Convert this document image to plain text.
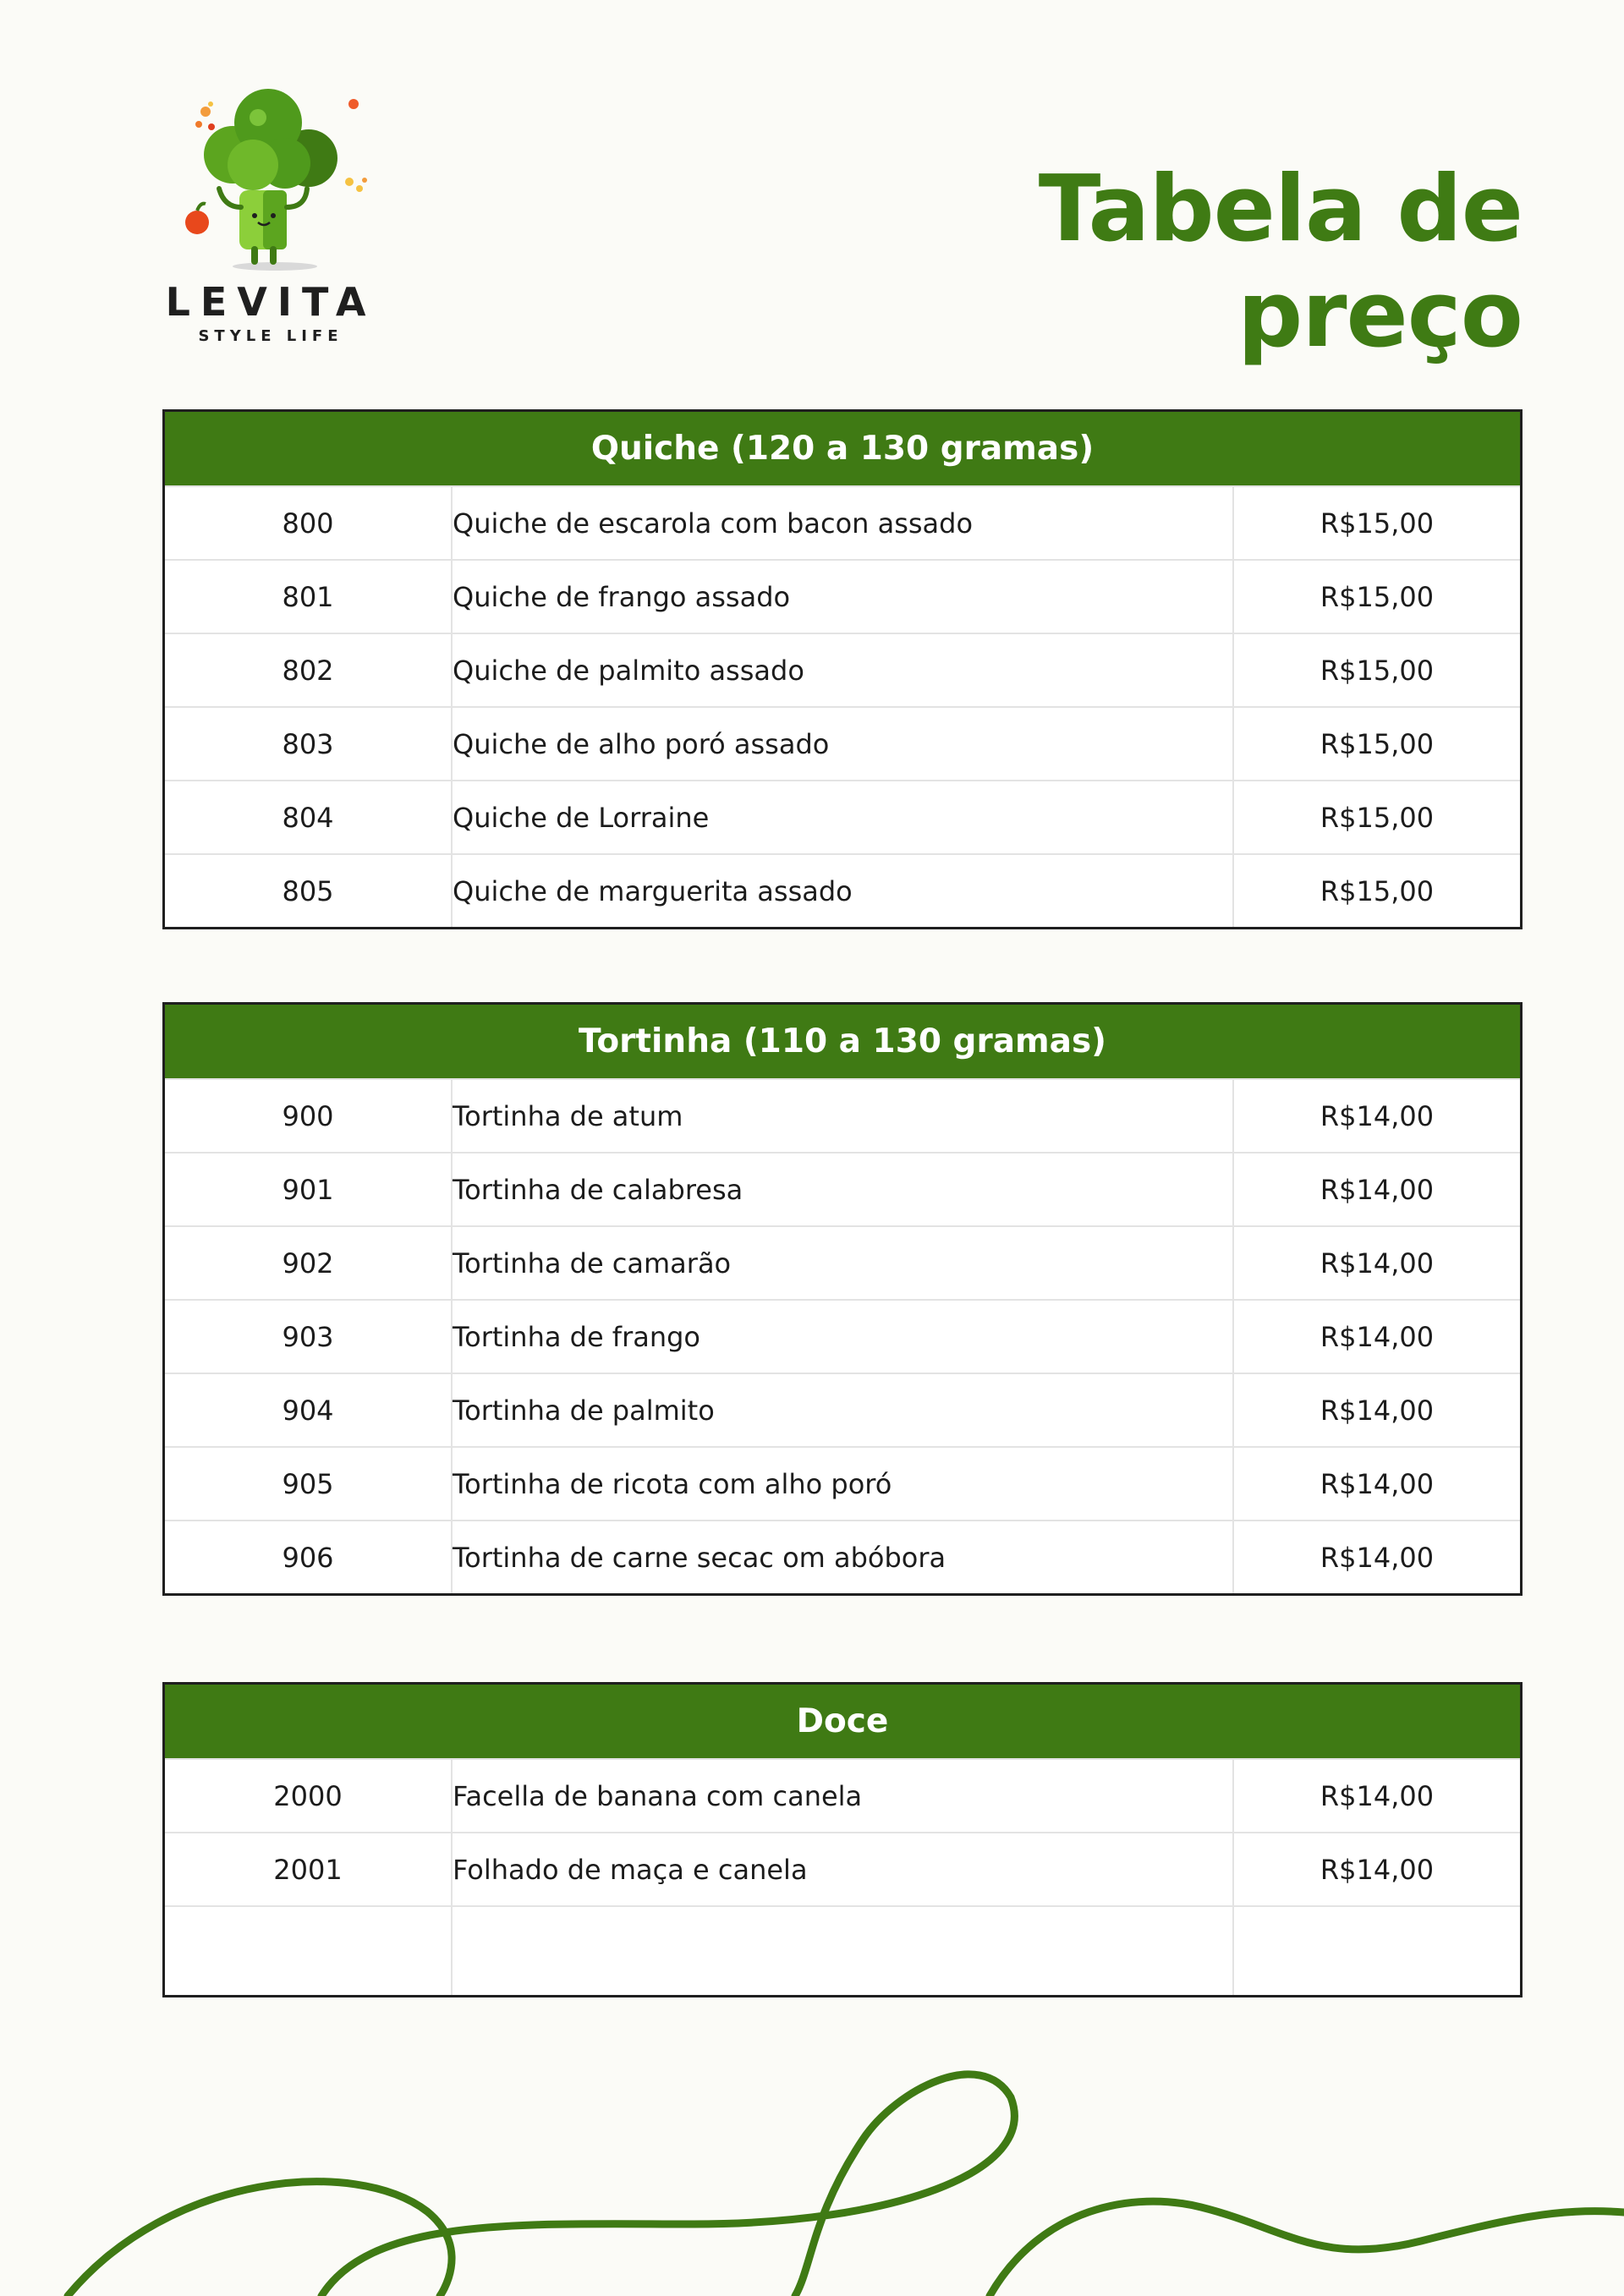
LEVITA
STYLE LIFE
Tabela de preço
Quiche (120 a 130 gramas)		
800	Quiche de escarola com bacon assado	R$15,00
801	Quiche de frango assado	R$15,00
802	Quiche de palmito assado	R$15,00
803	Quiche de alho poró assado	R$15,00
804	Quiche de Lorraine	R$15,00
805	Quiche de marguerita assado	R$15,00
Tortinha (110 a 130 gramas)		
900	Tortinha de atum	R$14,00
901	Tortinha de calabresa	R$14,00
902	Tortinha de camarão	R$14,00
903	Tortinha de frango	R$14,00
904	Tortinha de palmito	R$14,00
905	Tortinha de ricota com alho poró	R$14,00
906	Tortinha de carne secac om abóbora	R$14,00
Doce		
2000	Facella de banana com canela	R$14,00
2001	Folhado de maça e canela	R$14,00
